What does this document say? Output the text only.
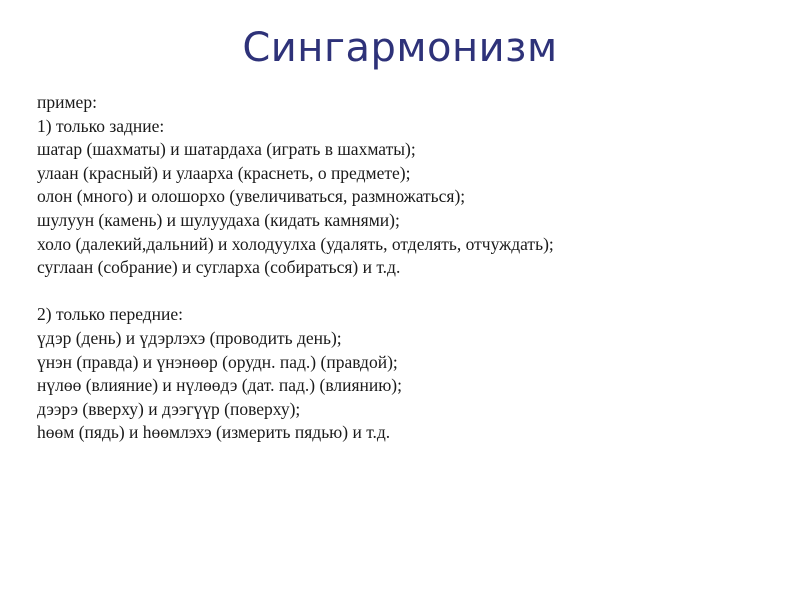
Сингармонизм
пример:
1) только задние:
шатар (шахматы) и шатардаха (играть в шахматы);
улаан (красный) и улаарха (краснеть, о предмете);
олон (много) и олошорхо (увеличиваться, размножаться);
шулуун (камень) и шулуудаха (кидать камнями);
холо (далекий,дальний) и холодуулха (удалять, отделять, отчуждать);
суглаан (собрание) и сугларха (собираться) и т.д.
2) только передние:
үдэр (день) и үдэрлэхэ (проводить день);
үнэн (правда) и үнэнөөр (орудн. пад.) (правдой);
нүлөө (влияние) и нүлөөдэ (дат. пад.) (влиянию);
дээрэ (вверху) и дээгүүр (поверху);
һөөм (пядь) и һөөмлэхэ (измерить пядью) и т.д.
